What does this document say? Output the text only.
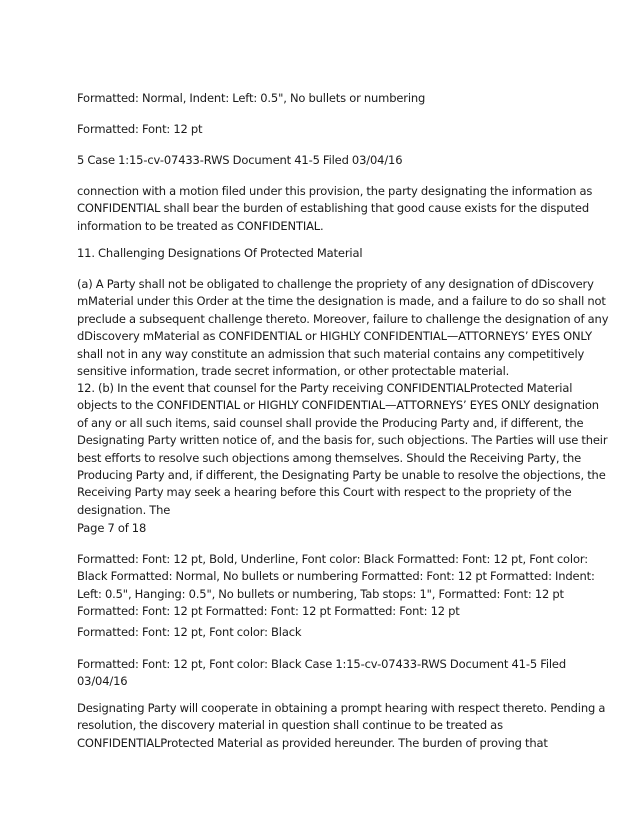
Formatted: Normal, Indent: Left: 0.5", No bullets or numbering

Formatted: Font: 12 pt

5 Case 1:15-cv-07433-RWS Document 41-5 Filed 03/04/16

connection with a motion filed under this provision, the party designating the information as
CONFIDENTIAL shall bear the burden of establishing that good cause exists for the disputed
information to be treated as CONFIDENTIAL.

11. Challenging Designations Of Protected Material

(a) A Party shall not be obligated to challenge the propriety of any designation of dDiscovery
mMaterial under this Order at the time the designation is made, and a failure to do so shall not
preclude a subsequent challenge thereto. Moreover, failure to challenge the designation of any
dDiscovery mMaterial as CONFIDENTIAL or HIGHLY CONFIDENTIAL—ATTORNEYS’ EYES ONLY
shall not in any way constitute an admission that such material contains any competitively
sensitive information, trade secret information, or other protectable material.

12. (b) In the event that counsel for the Party receiving CONFIDENTIALProtected Material
objects to the CONFIDENTIAL or HIGHLY CONFIDENTIAL—ATTORNEYS’ EYES ONLY designation
of any or all such items, said counsel shall provide the Producing Party and, if different, the
Designating Party written notice of, and the basis for, such objections. The Parties will use their
best efforts to resolve such objections among themselves. Should the Receiving Party, the
Producing Party and, if different, the Designating Party be unable to resolve the objections, the
Receiving Party may seek a hearing before this Court with respect to the propriety of the
designation. The

Page 7 of 18

Formatted: Font: 12 pt, Bold, Underline, Font color: Black Formatted: Font: 12 pt, Font color:
Black Formatted: Normal, No bullets or numbering Formatted: Font: 12 pt Formatted: Indent:
Left: 0.5", Hanging: 0.5", No bullets or numbering, Tab stops: 1", Formatted: Font: 12 pt
Formatted: Font: 12 pt Formatted: Font: 12 pt Formatted: Font: 12 pt

Formatted: Font: 12 pt, Font color: Black

Formatted: Font: 12 pt, Font color: Black Case 1:15-cv-07433-RWS Document 41-5 Filed
03/04/16

Designating Party will cooperate in obtaining a prompt hearing with respect thereto. Pending a
resolution, the discovery material in question shall continue to be treated as
CONFIDENTIALProtected Material as provided hereunder. The burden of proving that
